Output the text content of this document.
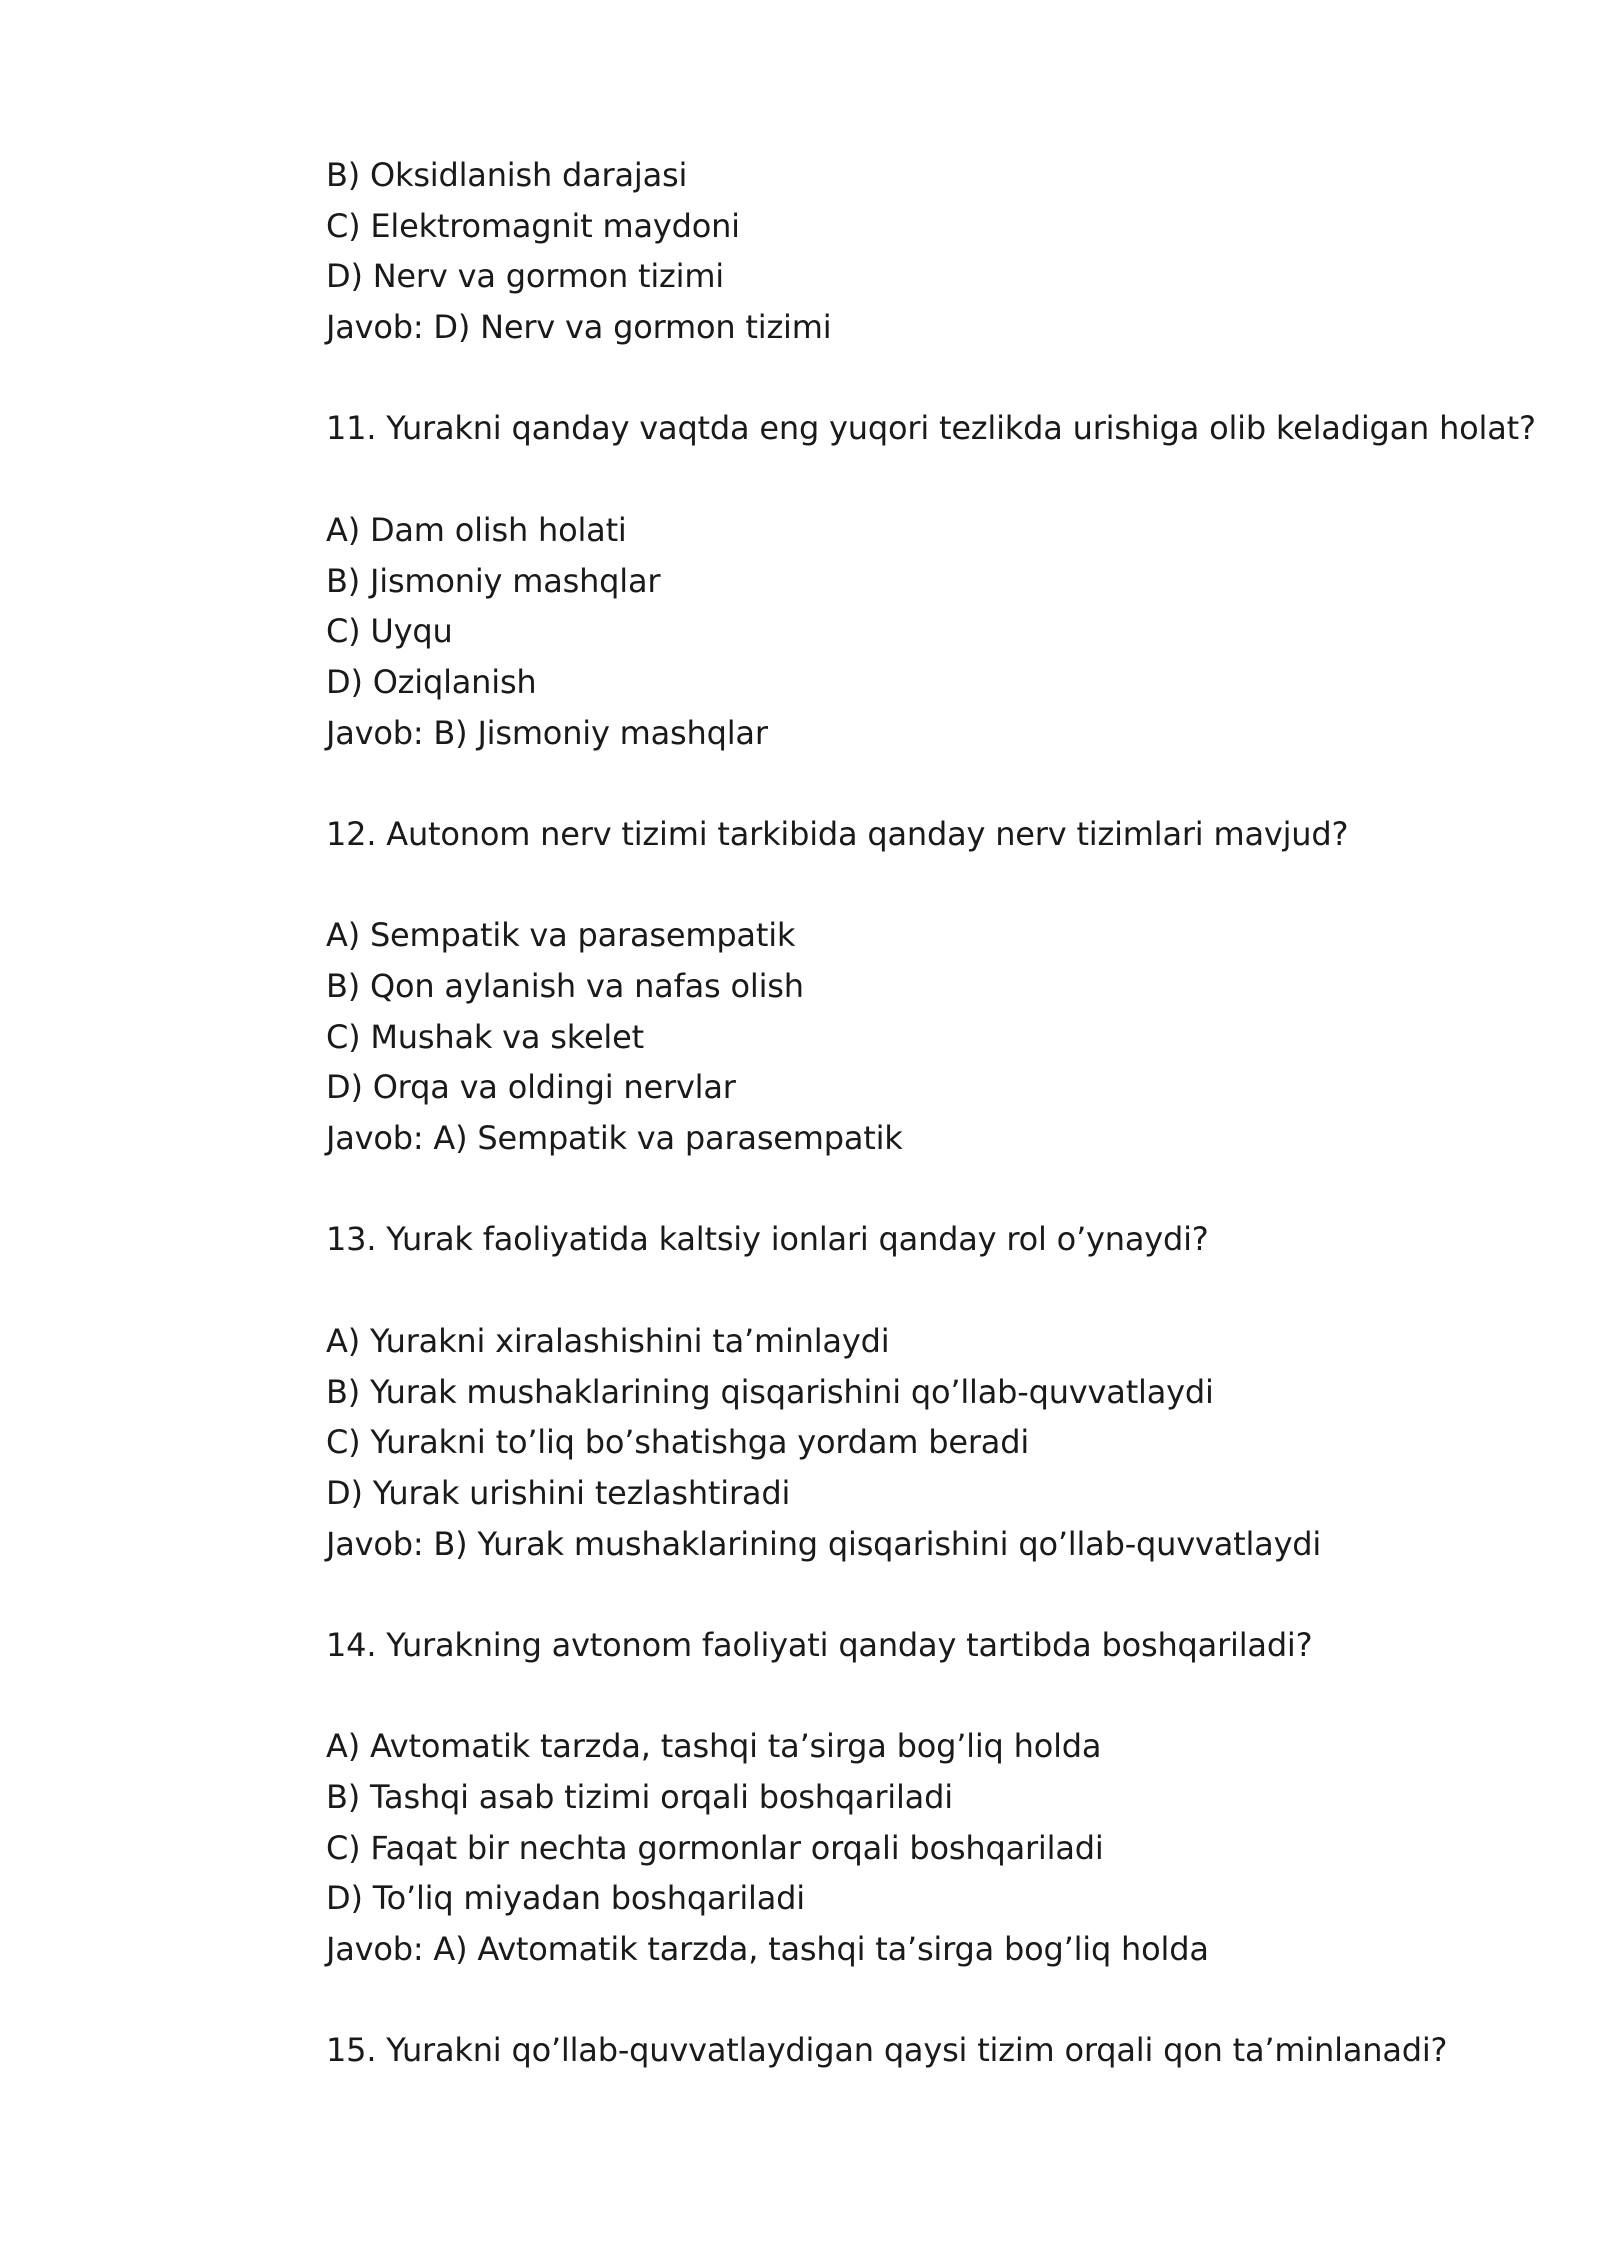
B) Oksidlanish darajasi
C) Elektromagnit maydoni
D) Nerv va gormon tizimi
Javob: D) Nerv va gormon tizimi
11. Yurakni qanday vaqtda eng yuqori tezlikda urishiga olib keladigan holat?
A) Dam olish holati
B) Jismoniy mashqlar
C) Uyqu
D) Oziqlanish
Javob: B) Jismoniy mashqlar
12. Autonom nerv tizimi tarkibida qanday nerv tizimlari mavjud?
A) Sempatik va parasempatik
B) Qon aylanish va nafas olish
C) Mushak va skelet
D) Orqa va oldingi nervlar
Javob: A) Sempatik va parasempatik
13. Yurak faoliyatida kaltsiy ionlari qanday rol o’ynaydi?
A) Yurakni xiralashishini ta’minlaydi
B) Yurak mushaklarining qisqarishini qo’llab-quvvatlaydi
C) Yurakni to’liq bo’shatishga yordam beradi
D) Yurak urishini tezlashtiradi
Javob: B) Yurak mushaklarining qisqarishini qo’llab-quvvatlaydi
14. Yurakning avtonom faoliyati qanday tartibda boshqariladi?
A) Avtomatik tarzda, tashqi ta’sirga bog’liq holda
B) Tashqi asab tizimi orqali boshqariladi
C) Faqat bir nechta gormonlar orqali boshqariladi
D) To’liq miyadan boshqariladi
Javob: A) Avtomatik tarzda, tashqi ta’sirga bog’liq holda
15. Yurakni qo’llab-quvvatlaydigan qaysi tizim orqali qon ta’minlanadi?
